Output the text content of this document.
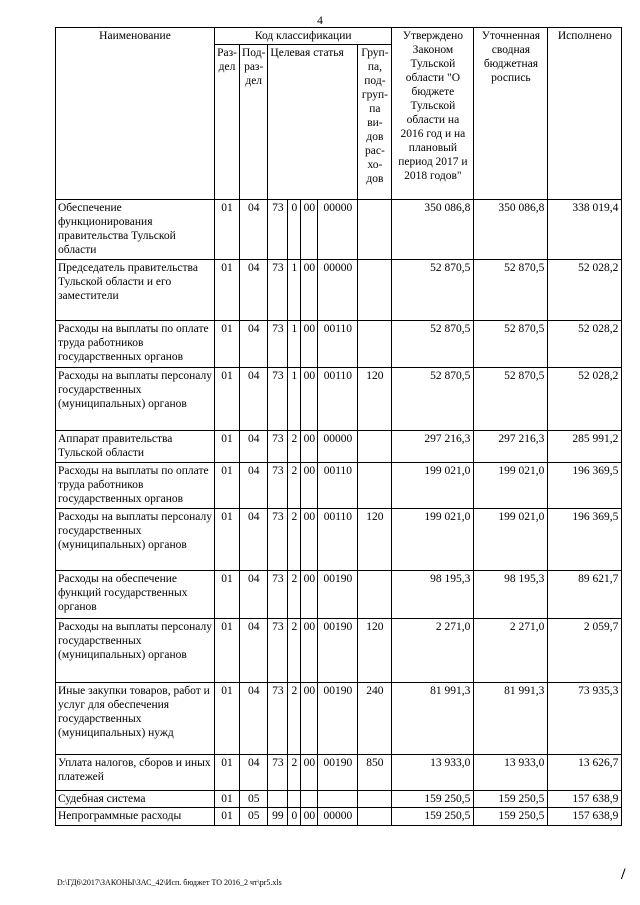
4
Наименование	Код классификации							Утверждено Законом Тульской области "О бюджете Тульской области на 2016 год и на плановый период 2017 и 2018 годов"	Уточненная сводная бюджетная роспись	Исполнено
	Раз-дел	Под-раз-дел	Целевая статья				Груп-па, под-груп-па ви-дов рас-хо-дов			
Обеспечение функционирования правительства Тульской области	01	04	73	0	00	00000		350 086,8	350 086,8	338 019,4
Председатель правительства Тульской области и его заместители	01	04	73	1	00	00000		52 870,5	52 870,5	52 028,2
Расходы на выплаты по оплате труда работников государственных органов	01	04	73	1	00	00110		52 870,5	52 870,5	52 028,2
Расходы на выплаты персоналу государственных (муниципальных) органов	01	04	73	1	00	00110	120	52 870,5	52 870,5	52 028,2
Аппарат правительства Тульской области	01	04	73	2	00	00000		297 216,3	297 216,3	285 991,2
Расходы на выплаты по оплате труда работников государственных органов	01	04	73	2	00	00110		199 021,0	199 021,0	196 369,5
Расходы на выплаты персоналу государственных (муниципальных) органов	01	04	73	2	00	00110	120	199 021,0	199 021,0	196 369,5
Расходы на обеспечение функций государственных органов	01	04	73	2	00	00190		98 195,3	98 195,3	89 621,7
Расходы на выплаты персоналу государственных (муниципальных) органов	01	04	73	2	00	00190	120	2 271,0	2 271,0	2 059,7
Иные закупки товаров, работ и услуг для обеспечения государственных (муниципальных) нужд	01	04	73	2	00	00190	240	81 991,3	81 991,3	73 935,3
Уплата налогов, сборов и иных платежей	01	04	73	2	00	00190	850	13 933,0	13 933,0	13 626,7
Судебная система	01	05						159 250,5	159 250,5	157 638,9
Непрограммные расходы	01	05	99	0	00	00000		159 250,5	159 250,5	157 638,9
D:\ГД6\2017\ЗАКОНЫ\ЗАС_42\Исп. бюджет ТО 2016_2 чт\pr5.xls	/
